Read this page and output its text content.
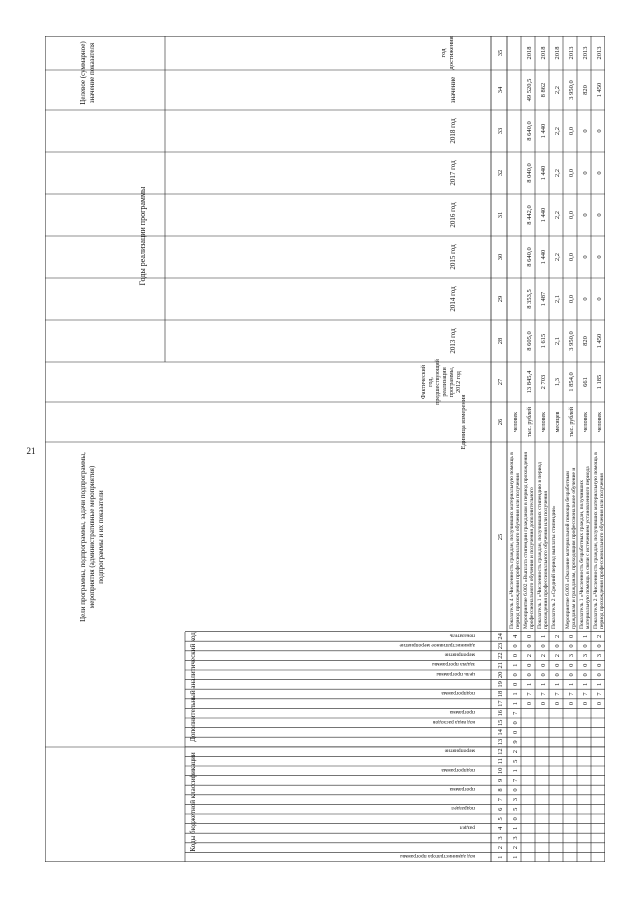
21
Коды бюджетной классификации
Дополнительный аналитический код
1
2
3
4
5
6
7
8
9
10
11
12
13
14
15
16
17
18
19
20
21
22
23
24
25
26
27
28
29
30
31
32
33
34
35
Цели программы, подпрограммы, задачи подпрограммы,мероприятия (административные мероприятия)подпрограммы и их показатели
Единица измерения
Фактическийгод,предшествующийреализациипрограммы,2012 год
Годы реализации программы
2013 год
2014 год
2015 год
2016 год
2017 год
2018 год
Целевое (суммарное)значение показателя	значение
годдостижения
1
2
3
1
0
5
3
0
7
1
5
2
9
0
0
7
1
1
0
0
1
0
0
4
Показатель 4 «Численность граждан, получивших материальную помощь впериод прохождения профессионального обучения или получения
человек
0
7
1
0
0
2
0
0
Мероприятие 6.002 «Выплата стипендии гражданам в период прохожденияпрофессионального обучения и получения дополнительного
тыс. рублей
13 845,4
8 605,0
8 353,5
8 640,0
8 442,0
8 040,0
8 640,0
49 520,5
2018
0
7
1
0
0
2
0
1
Показатель 1 «Численность граждан, получивших стипендию в периодпрохождения профессионального обучения или получения
человек
2 703
1 615
1 487
1 440
1 440
1 440
1 440
8 862
2018
0
7
1
0
0
2
0
2
Показатель 2 «Средний период выплаты стипендии»
месяцев
1,3
2,1
2,1
2,2
2,2
2,2
2,2
2,2
2018
0
7
1
0
0
3
0
0
Мероприятие 6.003 «Оказание материальной помощи безработнымгражданам и гражданам, проходящим профессиональное обучение и
тыс. рублей
1 854,0
3 950,0
0,0
0,0
0,0
0,0
0,0
3 950,0
2013
0
7
1
0
0
3
0
1
Показатель 1 «Численность безработных граждан, получившихматериальную помощь в связи с истечением установленного периода
человек
661
820
0
0
0
0
0
820
2013
0
7
1
0
0
3
0
2
Показатель 2 «Численность граждан, получивших материальную помощь впериод прохождения профессионального обучения или получения
человек
1 185
1 450
0
0
0
0
0
1 450
2013
код администратора программы
раздел
подраздел
программа
подпрограмма
мероприятие
код вида расходов
программа
подпрограмма
цель программы
задача программы
мероприятие
административное мероприятие
показатель
